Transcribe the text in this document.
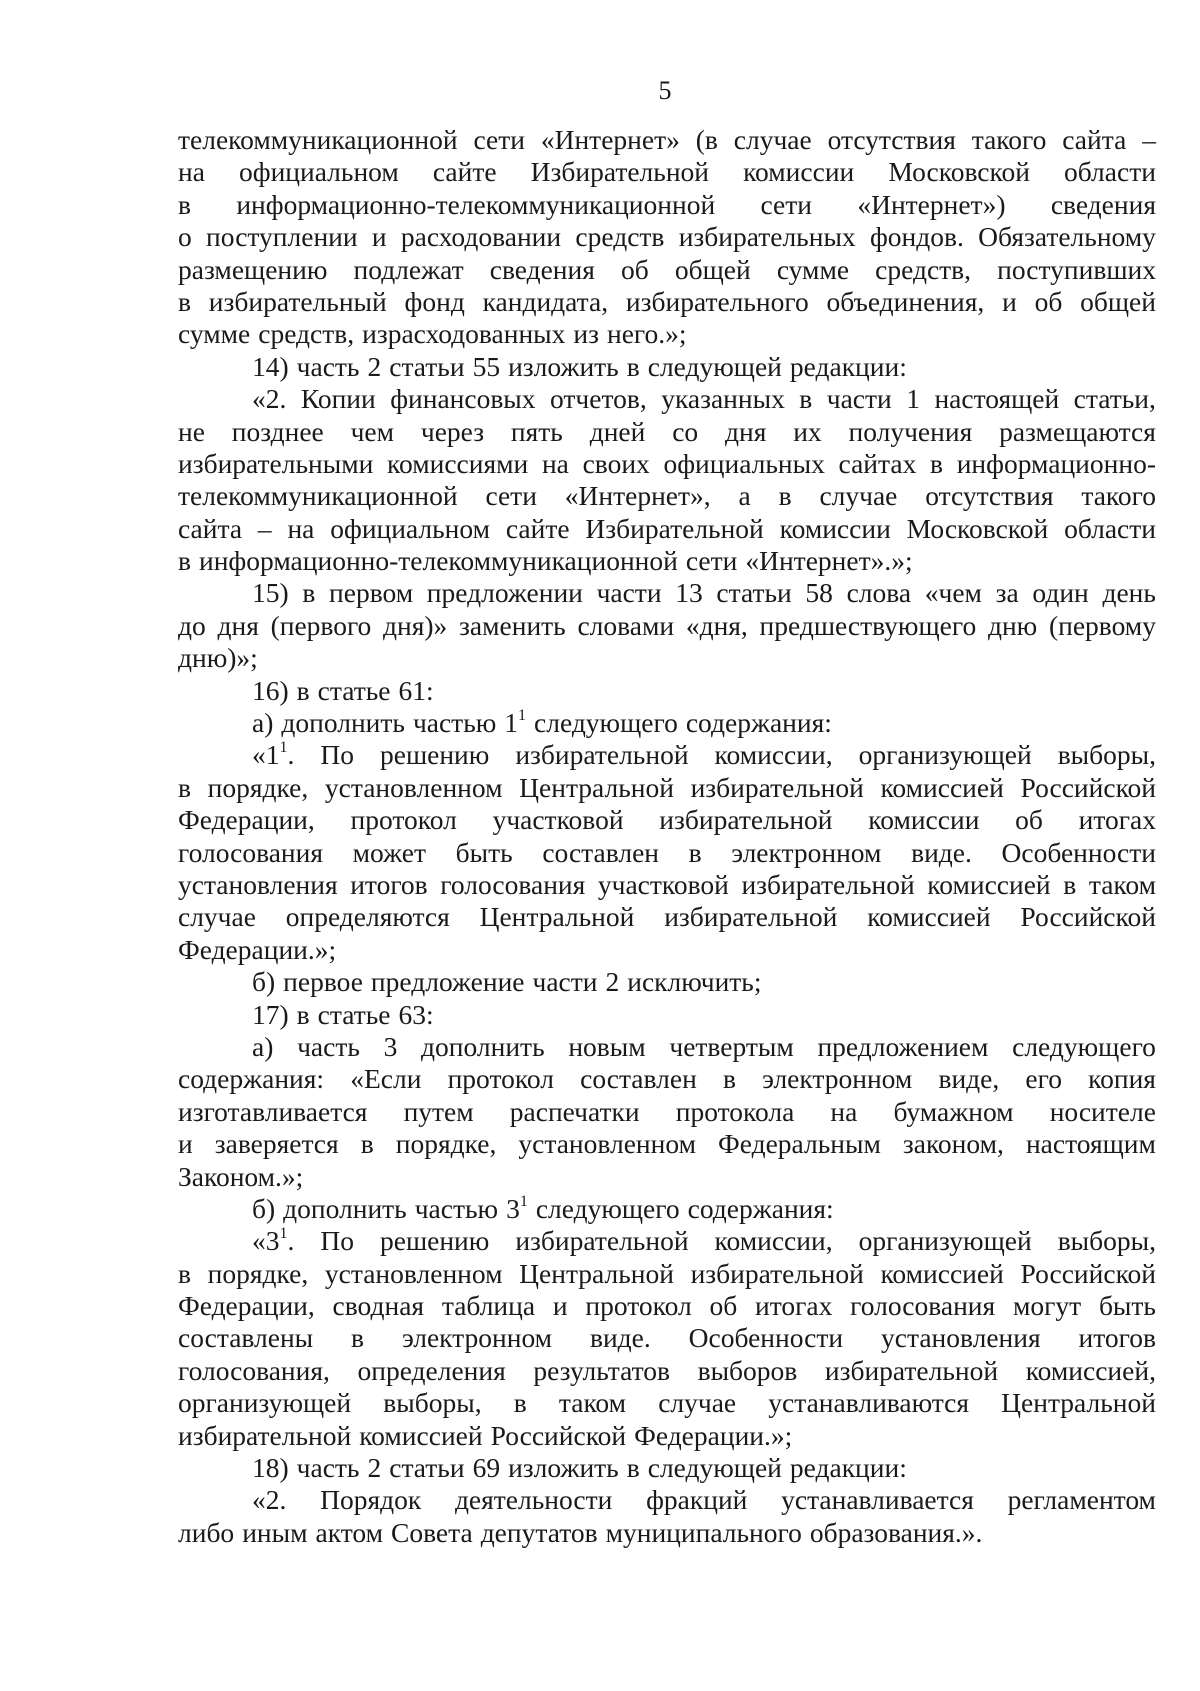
5
телекоммуникационной сети «Интернет» (в случае отсутствия такого сайта –
на официальном сайте Избирательной комиссии Московской области
в информационно-телекоммуникационной сети «Интернет») сведения
о поступлении и расходовании средств избирательных фондов. Обязательному
размещению подлежат сведения об общей сумме средств, поступивших
в избирательный фонд кандидата, избирательного объединения, и об общей
сумме средств, израсходованных из него.»;
14) часть 2 статьи 55 изложить в следующей редакции:
«2. Копии финансовых отчетов, указанных в части 1 настоящей статьи,
не позднее чем через пять дней со дня их получения размещаются
избирательными комиссиями на своих официальных сайтах в информационно-
телекоммуникационной сети «Интернет», а в случае отсутствия такого
сайта – на официальном сайте Избирательной комиссии Московской области
в информационно-телекоммуникационной сети «Интернет».»;
15) в первом предложении части 13 статьи 58 слова «чем за один день
до дня (первого дня)» заменить словами «дня, предшествующего дню (первому
дню)»;
16) в статье 61:
а) дополнить частью $1^1$ следующего содержания:
«$1^1$. По решению избирательной комиссии, организующей выборы,
в порядке, установленном Центральной избирательной комиссией Российской
Федерации, протокол участковой избирательной комиссии об итогах
голосования может быть составлен в электронном виде. Особенности
установления итогов голосования участковой избирательной комиссией в таком
случае определяются Центральной избирательной комиссией Российской
Федерации.»;
б) первое предложение части 2 исключить;
17) в статье 63:
а) часть 3 дополнить новым четвертым предложением следующего
содержания: «Если протокол составлен в электронном виде, его копия
изготавливается путем распечатки протокола на бумажном носителе
и заверяется в порядке, установленном Федеральным законом, настоящим
Законом.»;
б) дополнить частью $3^1$ следующего содержания:
«$3^1$. По решению избирательной комиссии, организующей выборы,
в порядке, установленном Центральной избирательной комиссией Российской
Федерации, сводная таблица и протокол об итогах голосования могут быть
составлены в электронном виде. Особенности установления итогов
голосования, определения результатов выборов избирательной комиссией,
организующей выборы, в таком случае устанавливаются Центральной
избирательной комиссией Российской Федерации.»;
18) часть 2 статьи 69 изложить в следующей редакции:
«2. Порядок деятельности фракций устанавливается регламентом
либо иным актом Совета депутатов муниципального образования.».
